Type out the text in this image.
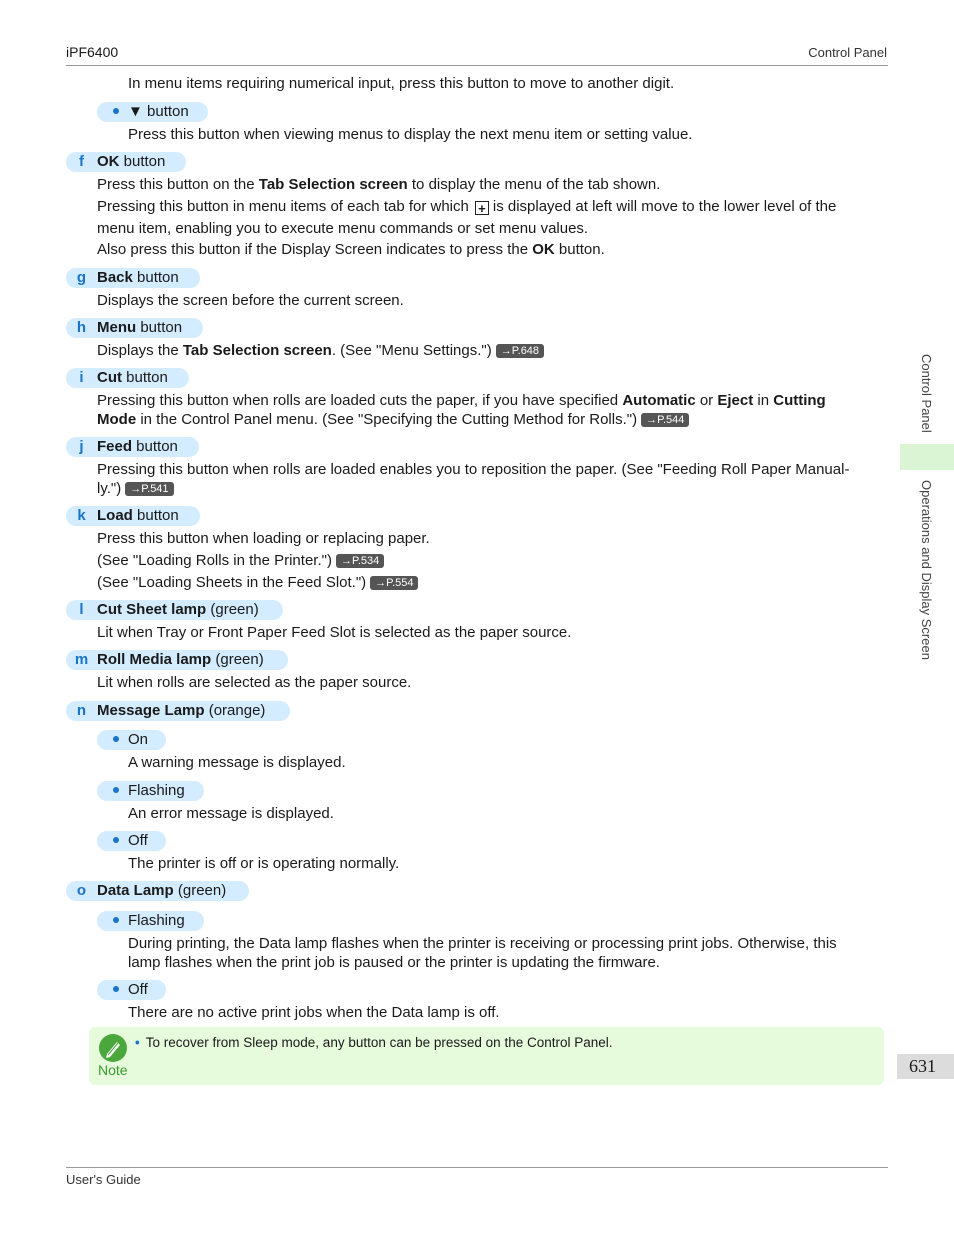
iPF6400	Control Panel
Control Panel
Operations and Display Screen
631
In menu items requiring numerical input, press this button to move to another digit.
▼ button
Press this button when viewing menus to display the next menu item or setting value.
f OK button
Press this button on the Tab Selection screen to display the menu of the tab shown.
Pressing this button in menu items of each tab for which + is displayed at left will move to the lower level of the
menu item, enabling you to execute menu commands or set menu values.
Also press this button if the Display Screen indicates to press the OK button.
g Back button
Displays the screen before the current screen.
h Menu button
Displays the Tab Selection screen. (See "Menu Settings.") →P.648
i Cut button
Pressing this button when rolls are loaded cuts the paper, if you have specified Automatic or Eject in Cutting
Mode in the Control Panel menu. (See "Specifying the Cutting Method for Rolls.") →P.544
j Feed button
Pressing this button when rolls are loaded enables you to reposition the paper. (See "Feeding Roll Paper Manual-
ly.") →P.541
k Load button
Press this button when loading or replacing paper.
(See "Loading Rolls in the Printer.") →P.534
(See "Loading Sheets in the Feed Slot.") →P.554
l Cut Sheet lamp (green)
Lit when Tray or Front Paper Feed Slot is selected as the paper source.
m Roll Media lamp (green)
Lit when rolls are selected as the paper source.
n Message Lamp (orange)
On
A warning message is displayed.
Flashing
An error message is displayed.
Off
The printer is off or is operating normally.
o Data Lamp (green)
Flashing
During printing, the Data lamp flashes when the printer is receiving or processing print jobs. Otherwise, this
lamp flashes when the print job is paused or the printer is updating the firmware.
Off
There are no active print jobs when the Data lamp is off.
Note
• To recover from Sleep mode, any button can be pressed on the Control Panel.
User's Guide
